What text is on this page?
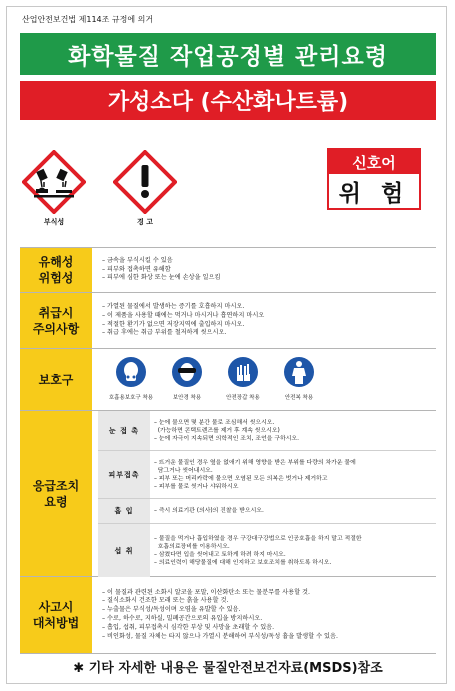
산업안전보건법 제114조 규정에 의거
화학물질 작업공정별 관리요령
가성소다 (수산화나트륨)
부식성	경 고
신호어
위 험
유해성
위험성
– 금속을 부식시킬 수 있음
– 피부와 접촉하면 유해함
– 피부에 심한 화상 또는 눈에 손상을 일으킴
취급시
주의사항
– 가열된 물질에서 발생하는 증기를 호흡하지 마시오.
– 이 제품을 사용할 때에는 먹거나 마시거나 흡연하지 마시오
– 적절한 환기가 없으면 저장지역에 출입하지 마시오.
– 취급 후에는 취급 부위를 철저하게 씻으시오.
보호구
호흡용보호구 착용	보안경 착용	안전장갑 착용	안전복 착용
응급조치
요령
눈 접 촉
– 눈에 물으면 몇 분간 물로 조심해서 씻으시오.
(가능하면 콘택트렌즈를 제거 후 계속 씻으시오)
– 눈에 자극이 지속되면 의학적인 조치, 조언을 구하시오.
피부접촉
– 뜨거운 물질인 경우 옆을 없애기 위해 영향을 받은 부위를 다량의 차가운 물에
담그거나 씻어내시오.
– 피부 또는 머리카락에 물으면 오염된 모든 의복은 벗거나 제거하고
– 피부를 물로 씻거나 샤워하시오
흡 입	– 즉시 의료기관 (의사)의 진찰을 받으시오.
섭 취
– 물질을 먹거나 흡입하였을 경우 구강대구강법으로 인공호흡을 하지 말고 적절한
호흡의료장비를 이용하시오.
– 삼켰다면 입을 씻어내고 토하게 하려 하지 마시오.
– 의료인력이 해당물질에 대해 인지하고 보호조치를 취하도록 하시오.
사고시
대처방법
– 이 물질과 관련된 소화시 알코올 포말, 이산화탄소 또는 물분무를 사용할 것.
– 질식소화시 건조한 모래 또는 흙을 사용할 것.
– 누출물은 부식성/독성이며 오염을 유발할 수 있음.
– 수로, 하수로, 지하실, 밀폐공간으로의 유입을 방지하시오.
– 흡입, 섭취, 피부접촉시 심각한 부상 및 사망을 초래할 수 있음.
– 비인화성, 물질 자체는 타지 않으나 가열시 분해하여 부식성/독성 흄을 발생할 수 있음.
✱ 기타 자세한 내용은 물질안전보건자료(MSDS)참조
